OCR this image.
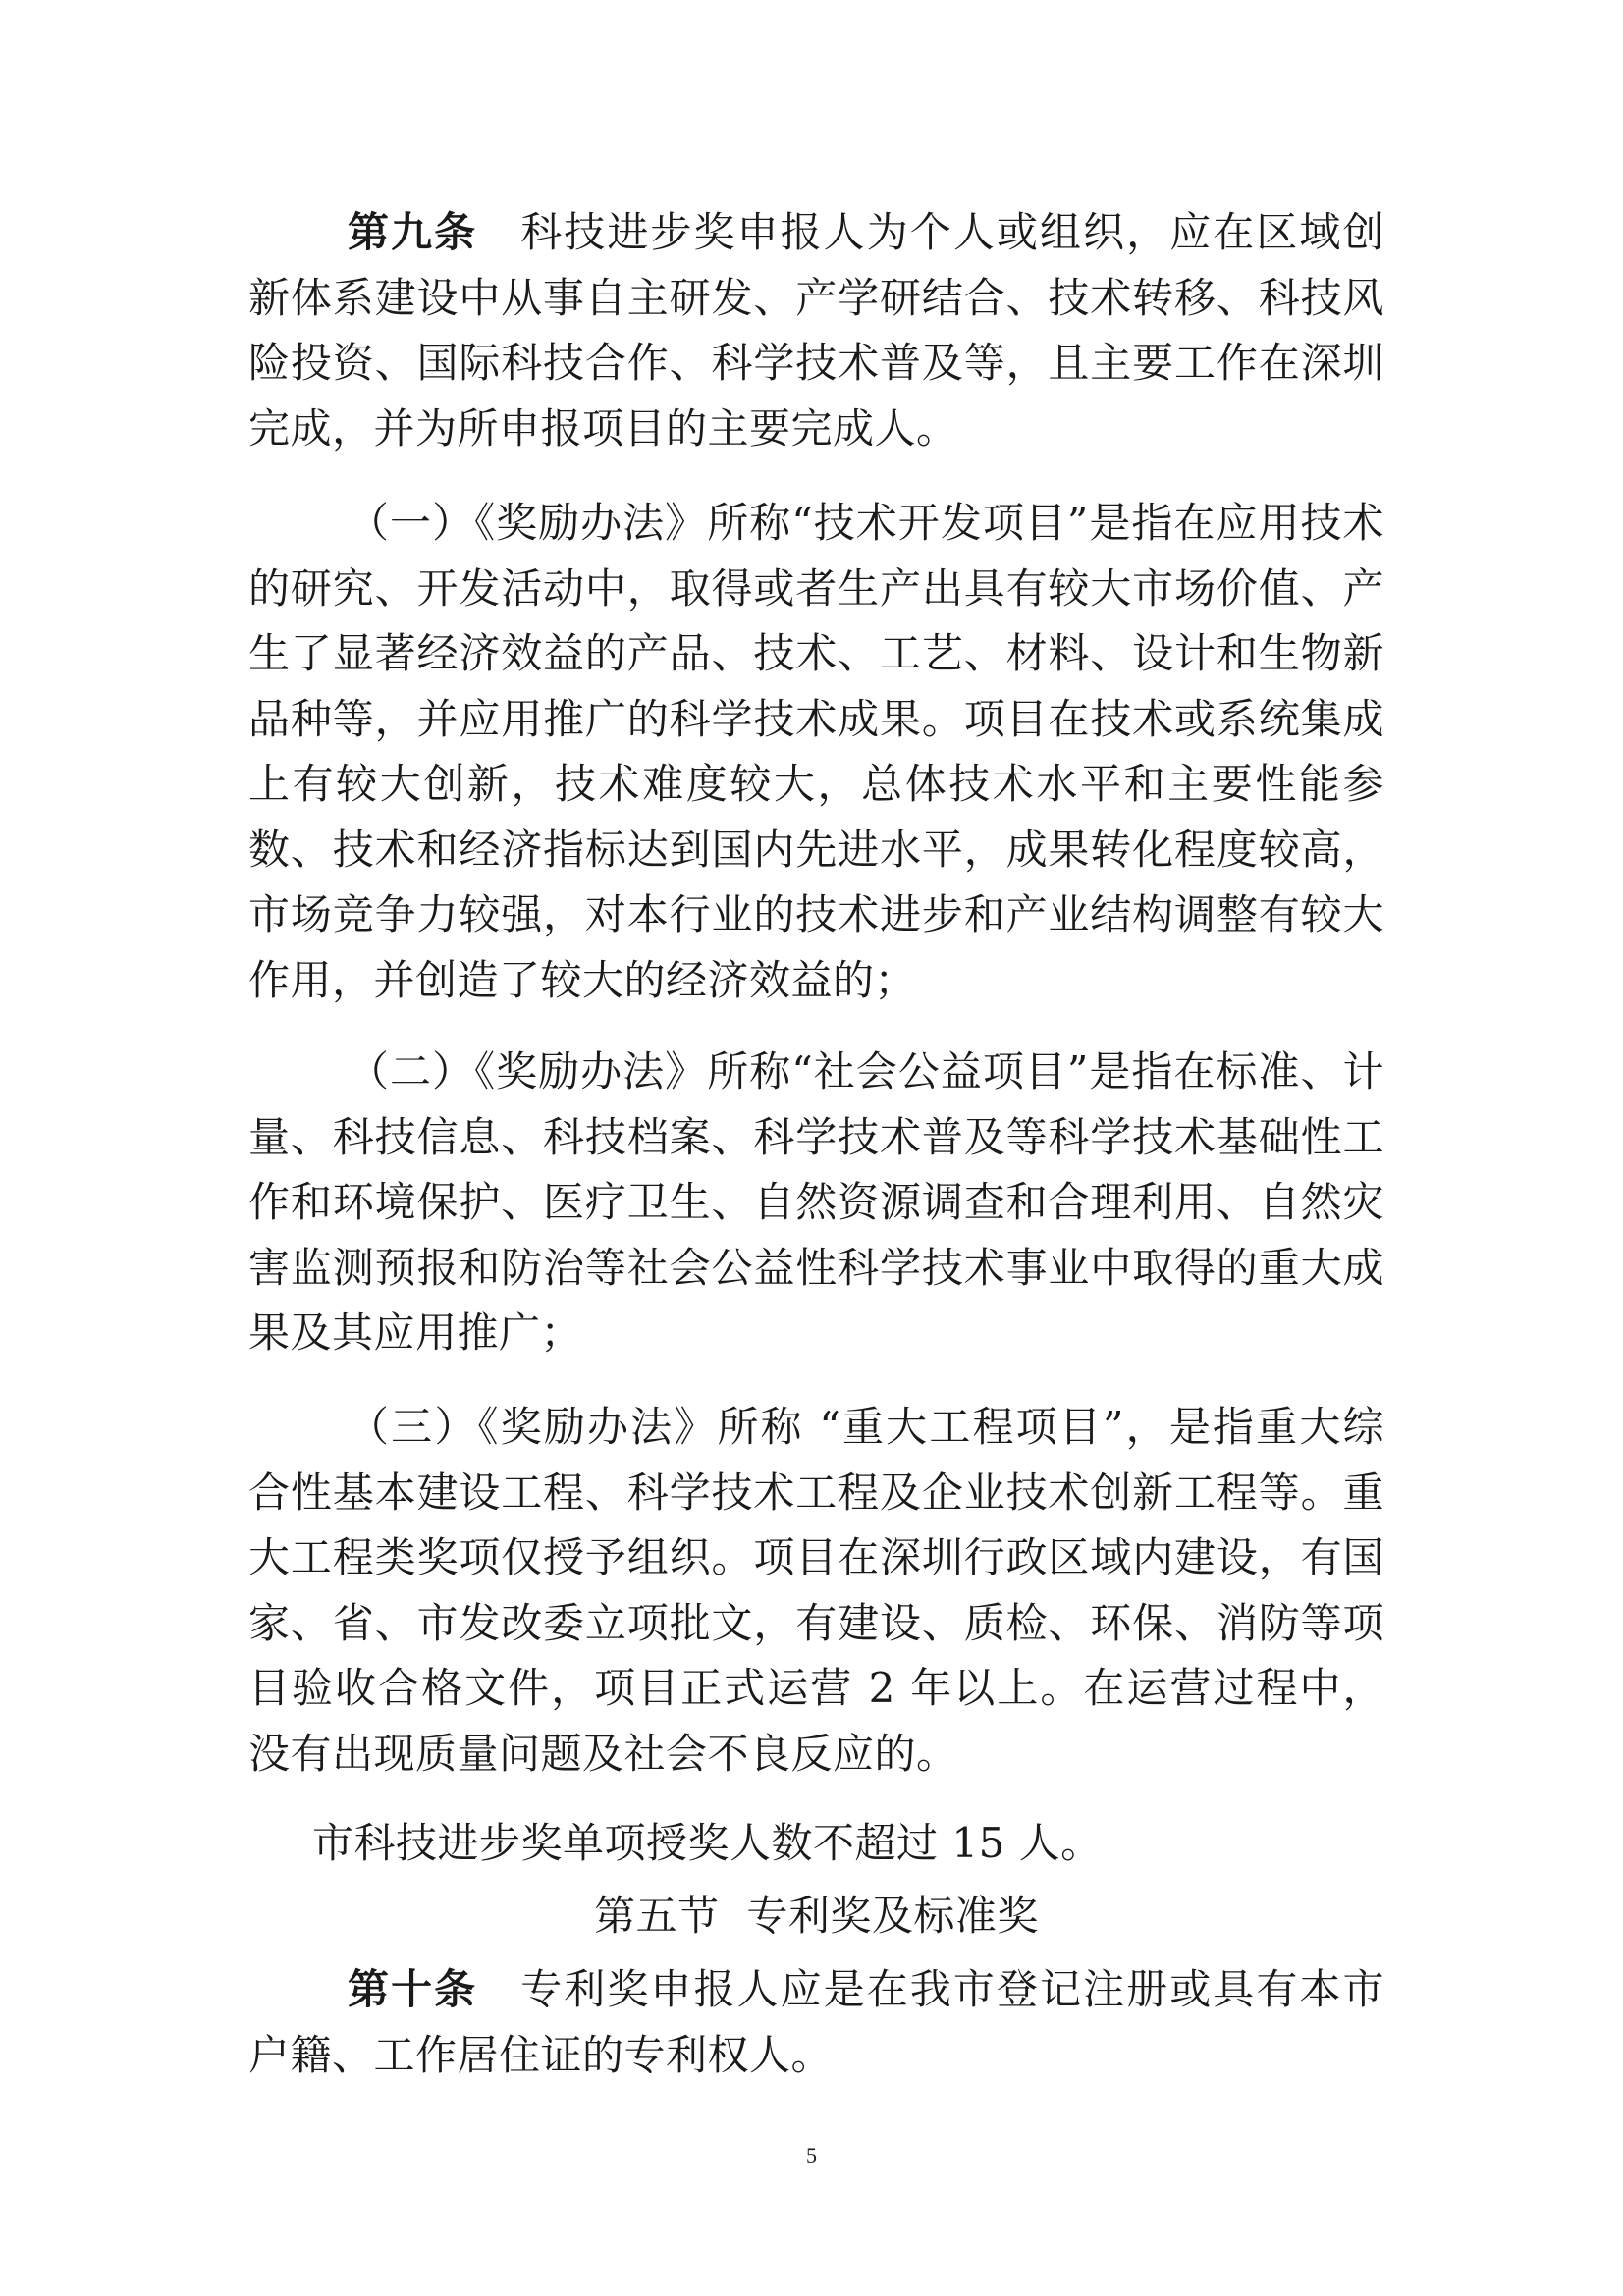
第九条 科技进步奖申报人为个人或组织，应在区域创新体系建设中从事自主研发、产学研结合、技术转移、科技风险投资、国际科技合作、科学技术普及等，且主要工作在深圳完成，并为所申报项目的主要完成人。

（一）《奖励办法》所称“技术开发项目”是指在应用技术的研究、开发活动中，取得或者生产出具有较大市场价值、产生了显著经济效益的产品、技术、工艺、材料、设计和生物新品种等，并应用推广的科学技术成果。项目在技术或系统集成上有较大创新，技术难度较大，总体技术水平和主要性能参数、技术和经济指标达到国内先进水平，成果转化程度较高，市场竞争力较强，对本行业的技术进步和产业结构调整有较大作用，并创造了较大的经济效益的；

（二）《奖励办法》所称“社会公益项目”是指在标准、计量、科技信息、科技档案、科学技术普及等科学技术基础性工作和环境保护、医疗卫生、自然资源调查和合理利用、自然灾害监测预报和防治等社会公益性科学技术事业中取得的重大成果及其应用推广；

（三）《奖励办法》所称 “重大工程项目”，是指重大综合性基本建设工程、科学技术工程及企业技术创新工程等。重大工程类奖项仅授予组织。项目在深圳行政区域内建设，有国家、省、市发改委立项批文，有建设、质检、环保、消防等项目验收合格文件，项目正式运营 2 年以上。在运营过程中，没有出现质量问题及社会不良反应的。

市科技进步奖单项授奖人数不超过 15 人。

第五节  专利奖及标准奖

第十条 专利奖申报人应是在我市登记注册或具有本市户籍、工作居住证的专利权人。

5
